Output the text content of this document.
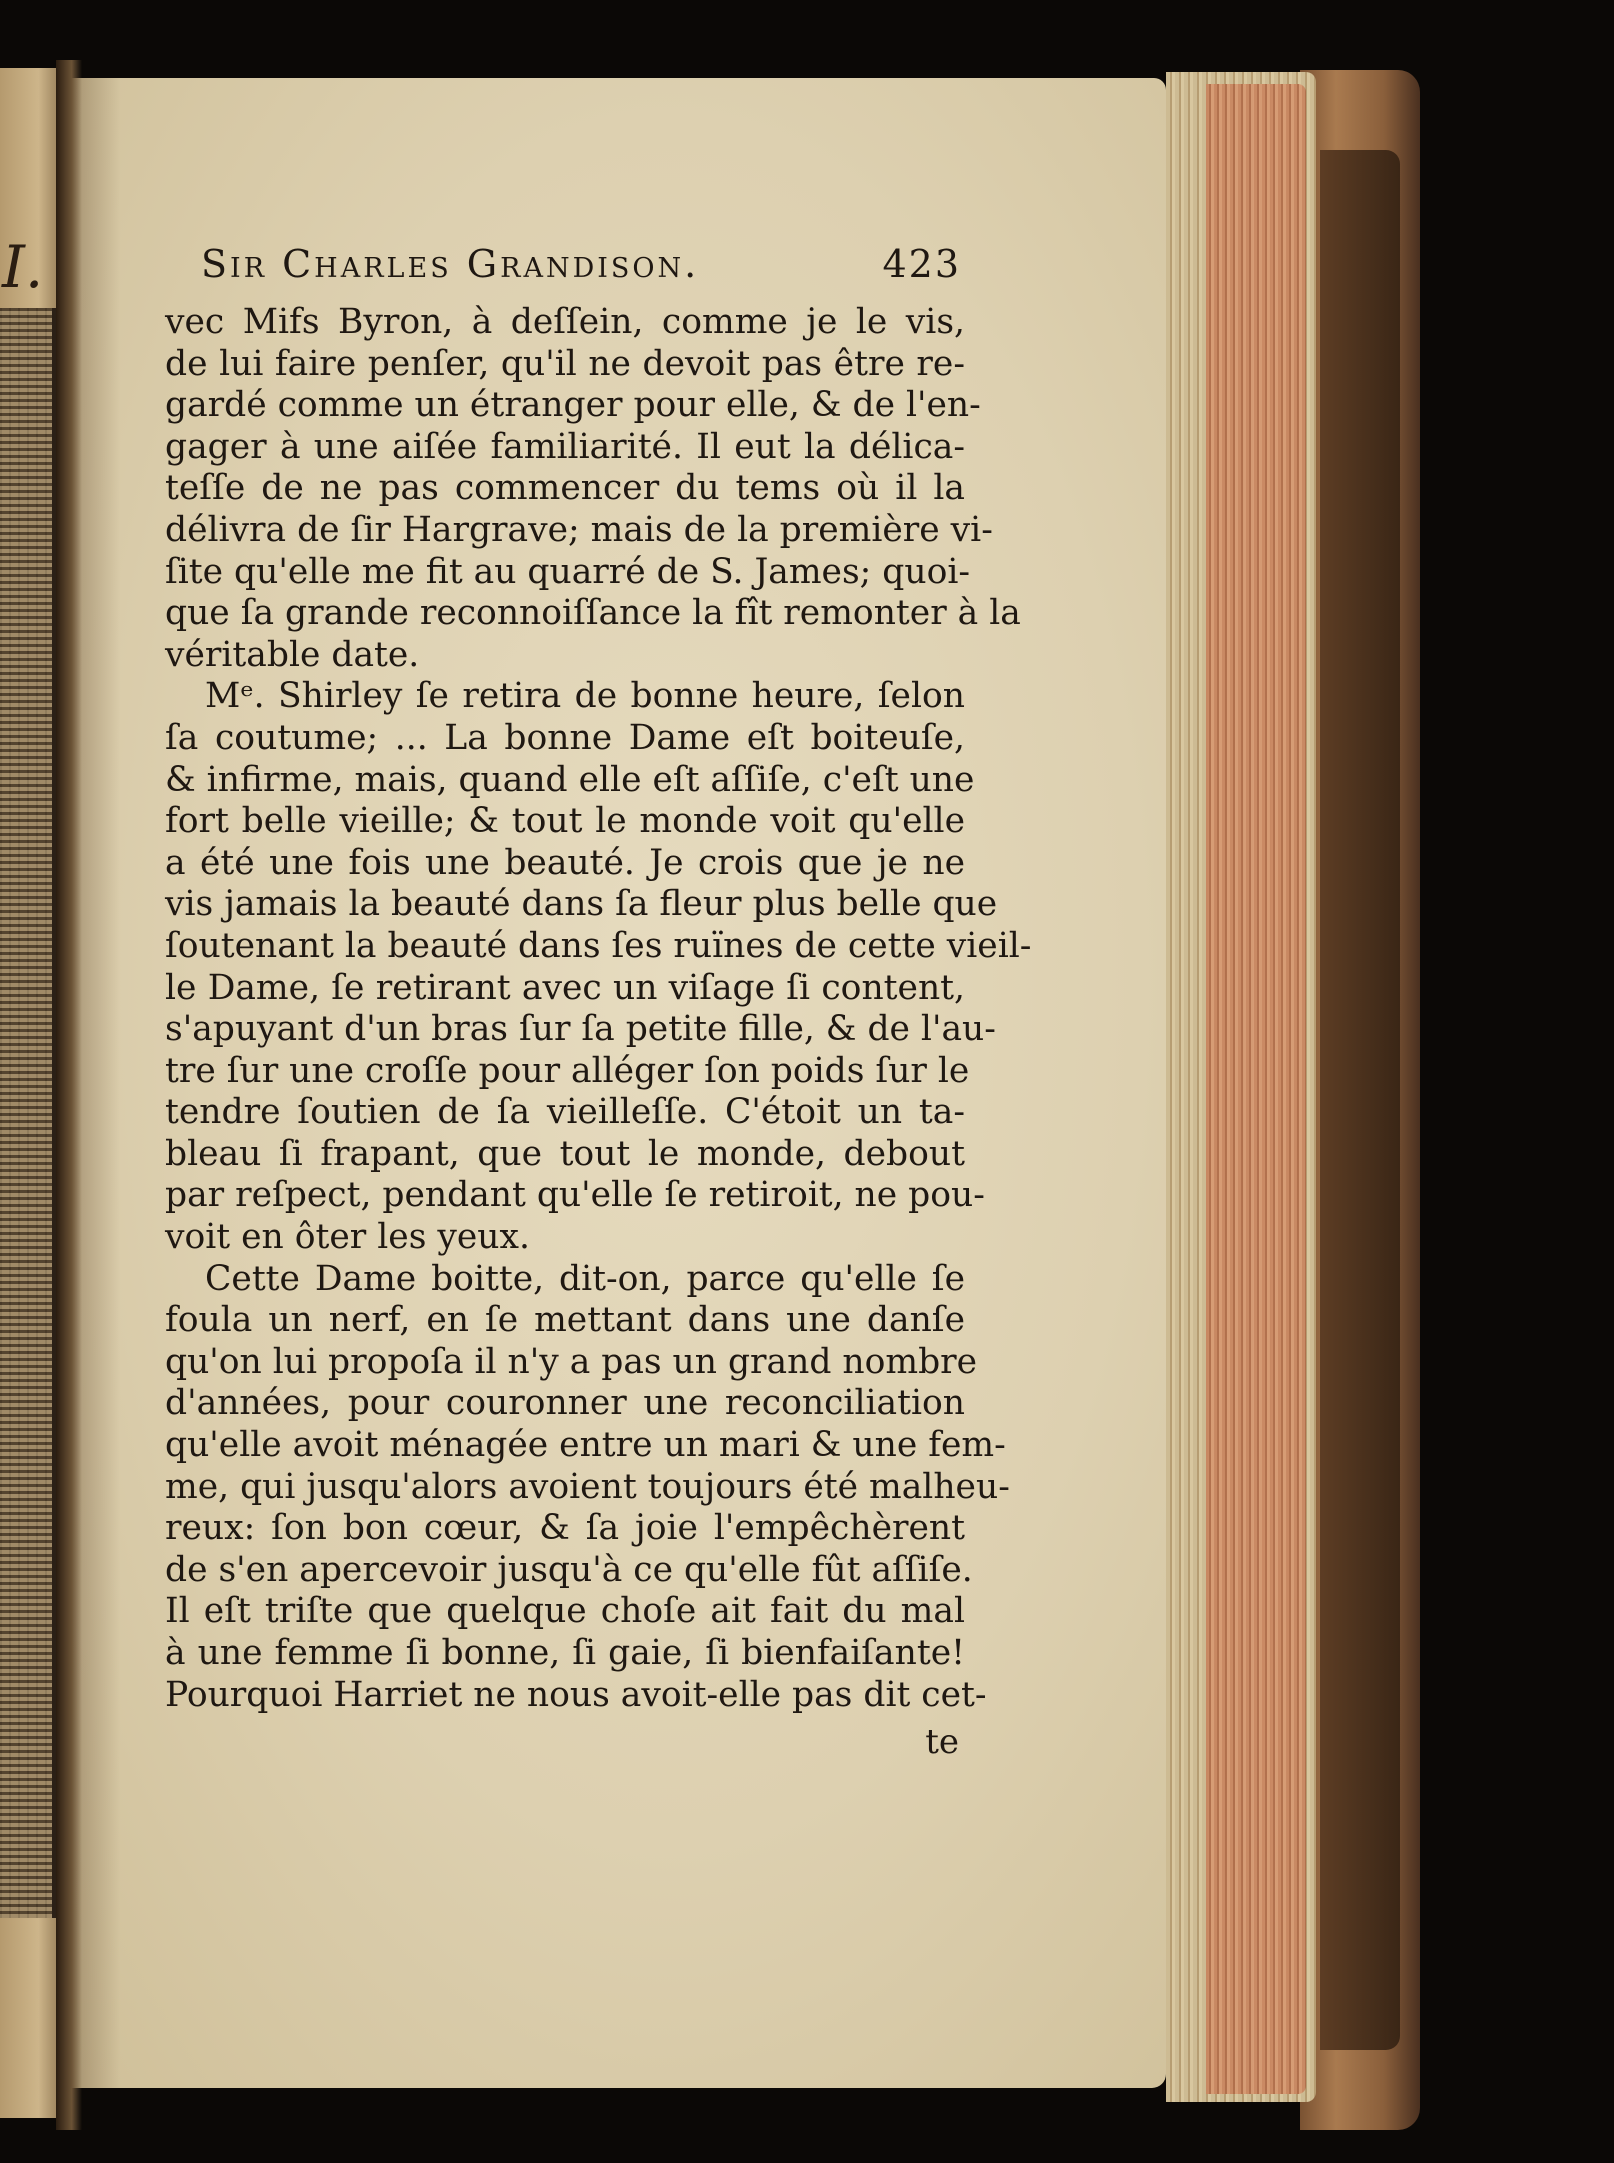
I.	Sir Charles Grandison.	423
vec Mifs Byron, à deſſein, comme je le vis,
de lui faire penſer, qu'il ne devoit pas être re-
gardé comme un étranger pour elle, & de l'en-
gager à une aiſée familiarité. Il eut la délica-
teſſe de ne pas commencer du tems où il la
délivra de ſir Hargrave; mais de la première vi-
ſite qu'elle me fit au quarré de S. James; quoi-
que ſa grande reconnoiſſance la fît remonter à la
véritable date.
Mᵉ. Shirley ſe retira de bonne heure, ſelon
ſa coutume; ... La bonne Dame eſt boiteuſe,
& infirme, mais, quand elle eſt aſſiſe, c'eſt une
fort belle vieille; & tout le monde voit qu'elle
a été une fois une beauté. Je crois que je ne
vis jamais la beauté dans ſa fleur plus belle que
ſoutenant la beauté dans ſes ruïnes de cette vieil-
le Dame, ſe retirant avec un viſage ſi content,
s'apuyant d'un bras ſur ſa petite fille, & de l'au-
tre ſur une croſſe pour alléger ſon poids ſur le
tendre ſoutien de ſa vieilleſſe. C'étoit un ta-
bleau ſi frapant, que tout le monde, debout
par reſpect, pendant qu'elle ſe retiroit, ne pou-
voit en ôter les yeux.
Cette Dame boitte, dit-on, parce qu'elle ſe
foula un nerf, en ſe mettant dans une danſe
qu'on lui propoſa il n'y a pas un grand nombre
d'années, pour couronner une reconciliation
qu'elle avoit ménagée entre un mari & une fem-
me, qui jusqu'alors avoient toujours été malheu-
reux: ſon bon cœur, & ſa joie l'empêchèrent
de s'en apercevoir jusqu'à ce qu'elle fût aſſiſe.
Il eſt triſte que quelque choſe ait fait du mal
à une femme ſi bonne, ſi gaie, ſi bienfaiſante!
Pourquoi Harriet ne nous avoit-elle pas dit cet-
te
